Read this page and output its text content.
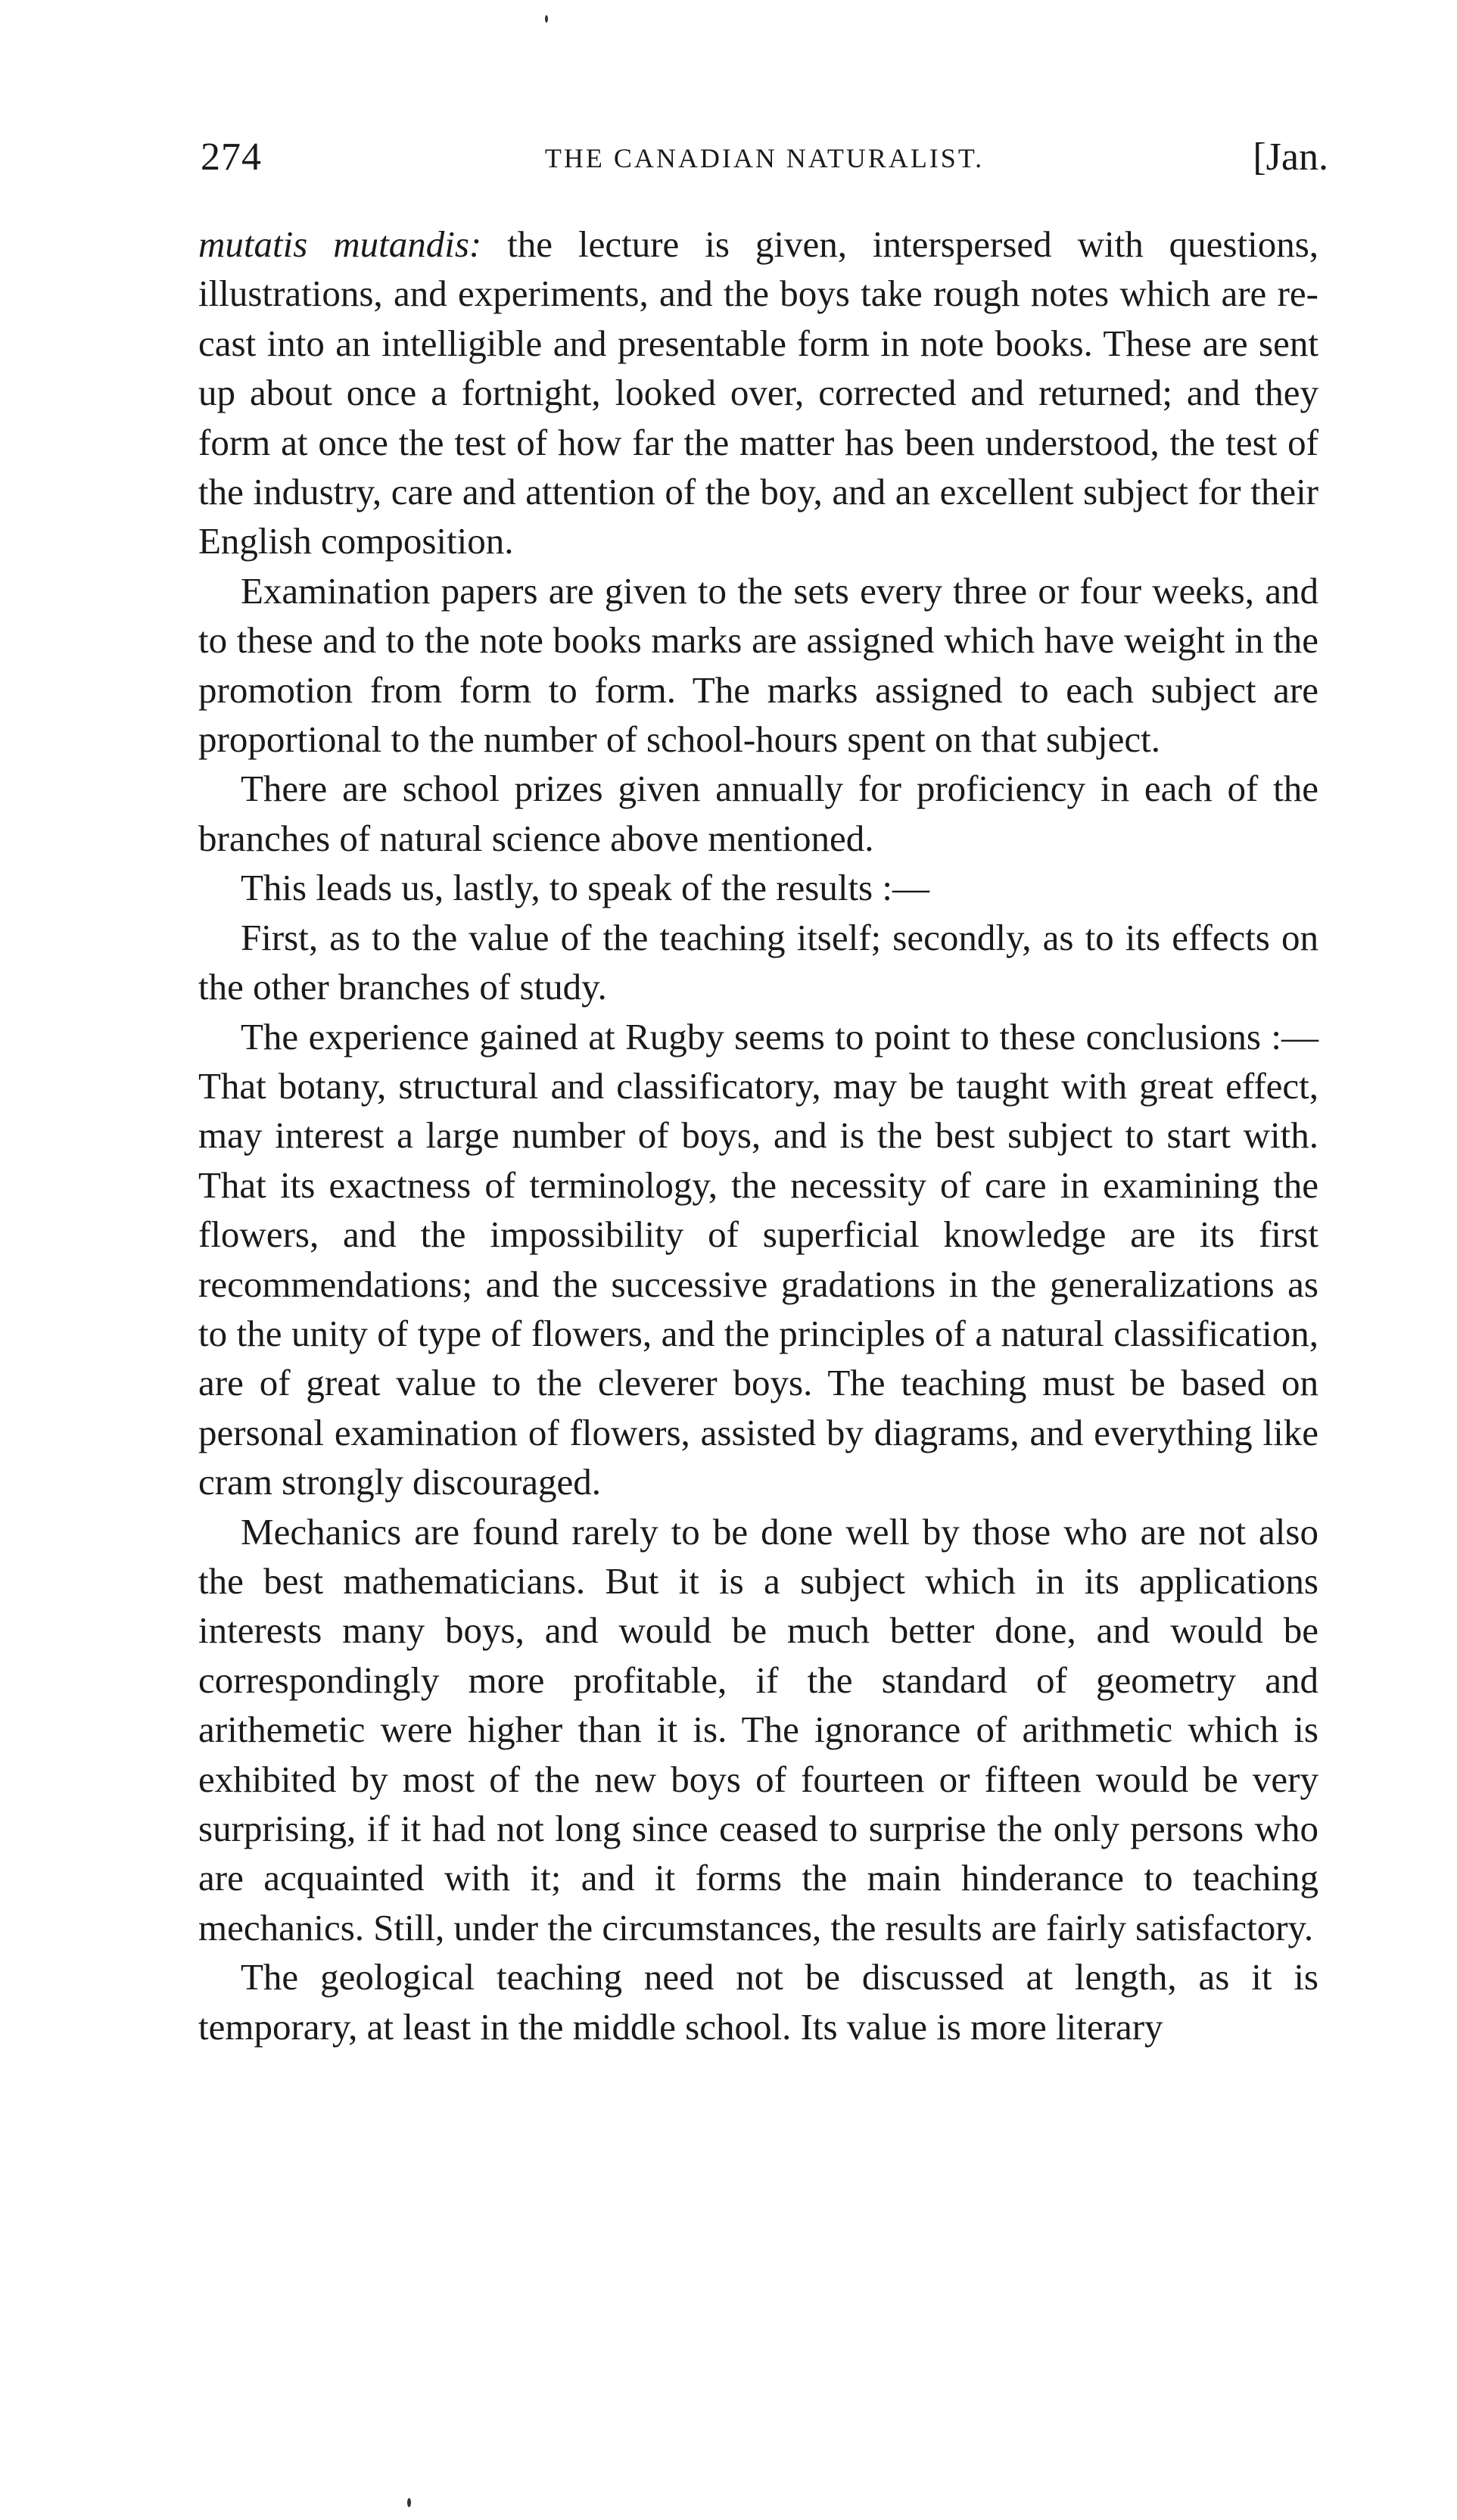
274	THE CANADIAN NATURALIST.	[Jan.

mutatis mutandis: the lecture is given, interspersed with questions, illustrations, and experiments, and the boys take rough notes which are re-cast into an intelligible and presentable form in note books. These are sent up about once a fortnight, looked over, corrected and returned; and they form at once the test of how far the matter has been understood, the test of the industry, care and attention of the boy, and an excellent subject for their English composition.

Examination papers are given to the sets every three or four weeks, and to these and to the note books marks are assigned which have weight in the promotion from form to form. The marks assigned to each subject are proportional to the number of school-hours spent on that subject.

There are school prizes given annually for proficiency in each of the branches of natural science above mentioned.

This leads us, lastly, to speak of the results :—

First, as to the value of the teaching itself; secondly, as to its effects on the other branches of study.

The experience gained at Rugby seems to point to these conclusions :—That botany, structural and classificatory, may be taught with great effect, may interest a large number of boys, and is the best subject to start with. That its exactness of terminology, the necessity of care in examining the flowers, and the impossibility of superficial knowledge are its first recommendations; and the successive gradations in the generalizations as to the unity of type of flowers, and the principles of a natural classification, are of great value to the cleverer boys. The teaching must be based on personal examination of flowers, assisted by diagrams, and everything like cram strongly discouraged.

Mechanics are found rarely to be done well by those who are not also the best mathematicians. But it is a subject which in its applications interests many boys, and would be much better done, and would be correspondingly more profitable, if the standard of geometry and arithemetic were higher than it is. The ignorance of arithmetic which is exhibited by most of the new boys of fourteen or fifteen would be very surprising, if it had not long since ceased to surprise the only persons who are acquainted with it; and it forms the main hinderance to teaching mechanics. Still, under the circumstances, the results are fairly satisfactory.

The geological teaching need not be discussed at length, as it is temporary, at least in the middle school. Its value is more literary
